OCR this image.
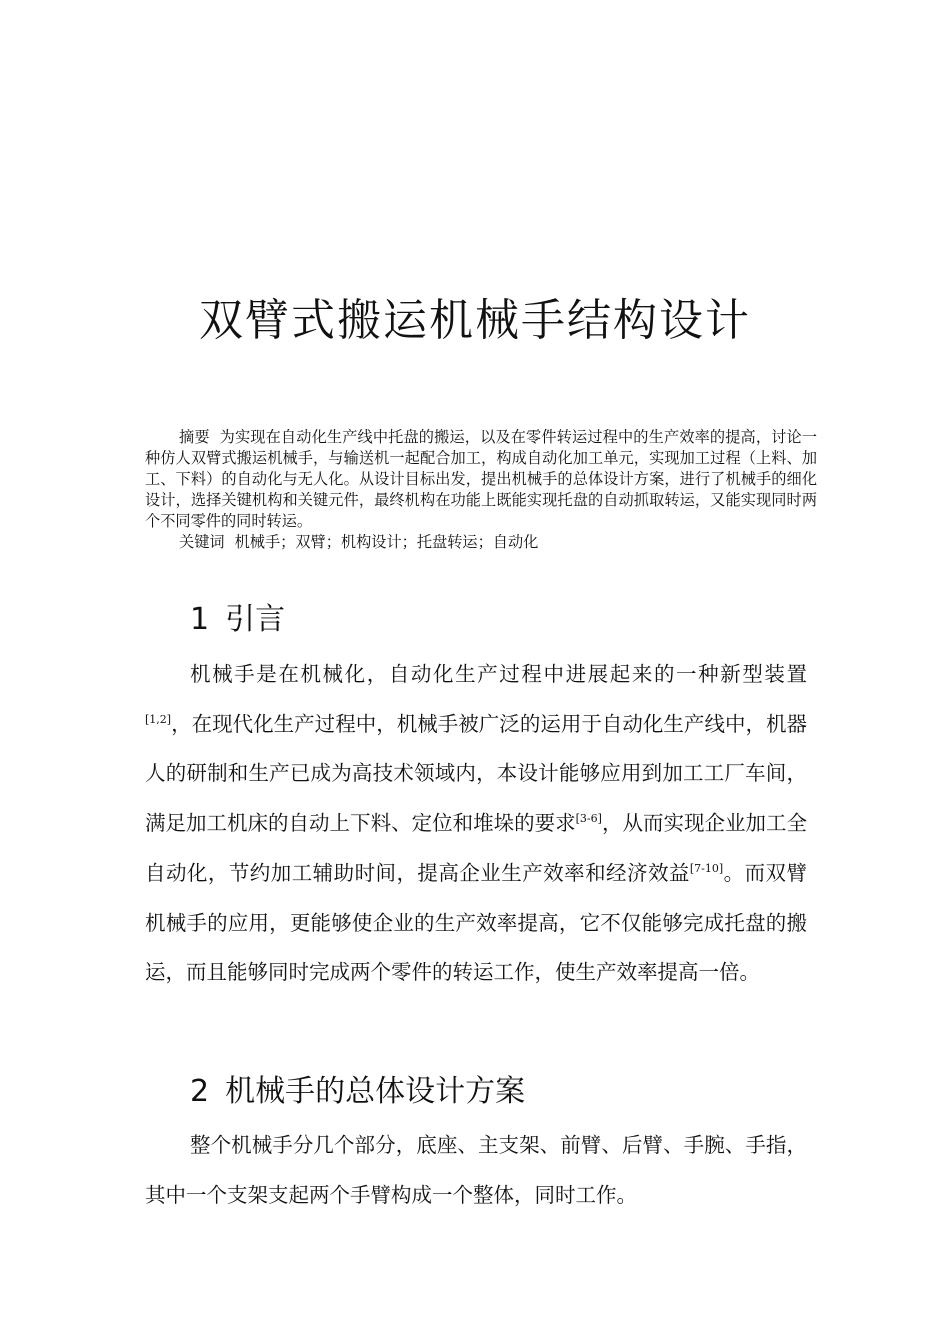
双臂式搬运机械手结构设计

摘要 为实现在自动化生产线中托盘的搬运，以及在零件转运过程中的生产效率的提高，讨论一种仿人双臂式搬运机械手，与输送机一起配合加工，构成自动化加工单元，实现加工过程（上料、加工、下料）的自动化与无人化。从设计目标出发，提出机械手的总体设计方案，进行了机械手的细化设计，选择关键机构和关键元件，最终机构在功能上既能实现托盘的自动抓取转运，又能实现同时两个不同零件的同时转运。

关键词 机械手；双臂；机构设计；托盘转运；自动化

1 引言

机械手是在机械化，自动化生产过程中进展起来的一种新型装置[1,2]，在现代化生产过程中，机械手被广泛的运用于自动化生产线中，机器人的研制和生产已成为高技术领域内，本设计能够应用到加工工厂车间，满足加工机床的自动上下料、定位和堆垛的要求[3-6]，从而实现企业加工全自动化，节约加工辅助时间，提高企业生产效率和经济效益[7-10]。而双臂机械手的应用，更能够使企业的生产效率提高，它不仅能够完成托盘的搬运，而且能够同时完成两个零件的转运工作，使生产效率提高一倍。

2 机械手的总体设计方案

整个机械手分几个部分，底座、主支架、前臂、后臂、手腕、手指，其中一个支架支起两个手臂构成一个整体，同时工作。
